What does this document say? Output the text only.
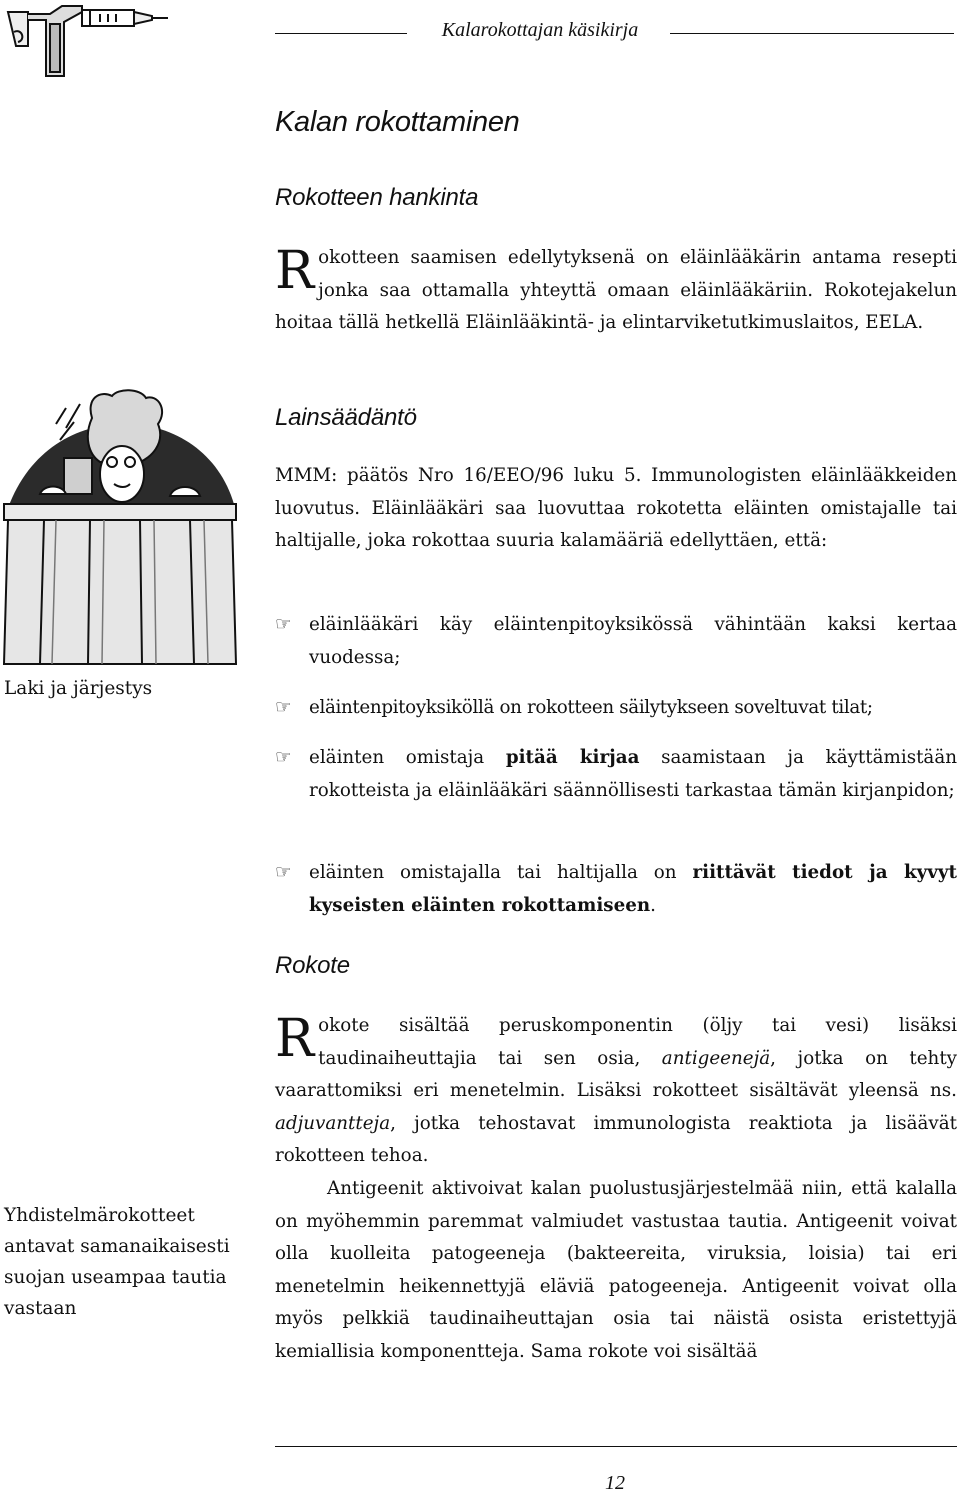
Kalarokottajan käsikirja
Kalan rokottaminen
Rokotteen hankinta
Rokotteen saamisen edellytyksenä on eläinlääkärin antama resepti jonka saa ottamalla yhteyttä omaan eläinlääkäriin. Rokotejakelun hoitaa tällä hetkellä Eläinlääkintä- ja elintarviketutkimuslaitos, EELA.
Lainsäädäntö
MMM: päätös Nro 16/EEO/96 luku 5. Immunologisten eläinlääkkeiden luovutus. Eläinlääkäri saa luovuttaa rokotetta eläinten omistajalle tai haltijalle, joka rokottaa suuria kalamääriä edellyttäen, että:
Laki ja järjestys
☞ eläinlääkäri käy eläintenpitoyksikössä vähintään kaksi kertaa vuodessa;
☞ eläintenpitoyksiköllä on rokotteen säilytykseen soveltuvat tilat;
☞ eläinten omistaja pitää kirjaa saamistaan ja käyttämistään rokotteista ja eläinlääkäri säännöllisesti tarkastaa tämän kirjanpidon;
☞ eläinten omistajalla tai haltijalla on riittävät tiedot ja kyvyt kyseisten eläinten rokottamiseen.
Rokote
Rokote sisältää peruskomponentin (öljy tai vesi) lisäksi taudinaiheuttajia tai sen osia, antigeenejä, jotka on tehty vaarattomiksi eri menetelmin. Lisäksi rokotteet sisältävät yleensä ns. adjuvantteja, jotka tehostavat immunologista reaktiota ja lisäävät rokotteen tehoa.
Antigeenit aktivoivat kalan puolustusjärjestelmää niin, että kalalla on myöhemmin paremmat valmiudet vastustaa tautia. Antigeenit voivat olla kuolleita patogeeneja (bakteereita, viruksia, loisia) tai eri menetelmin heikennettyjä eläviä patogeeneja. Antigeenit voivat olla myös pelkkiä taudinaiheuttajan osia tai näistä osista eristettyjä kemiallisia komponentteja. Sama rokote voi sisältää
Yhdistelmärokotteet antavat samanaikaisesti suojan useampaa tautia vastaan
12
